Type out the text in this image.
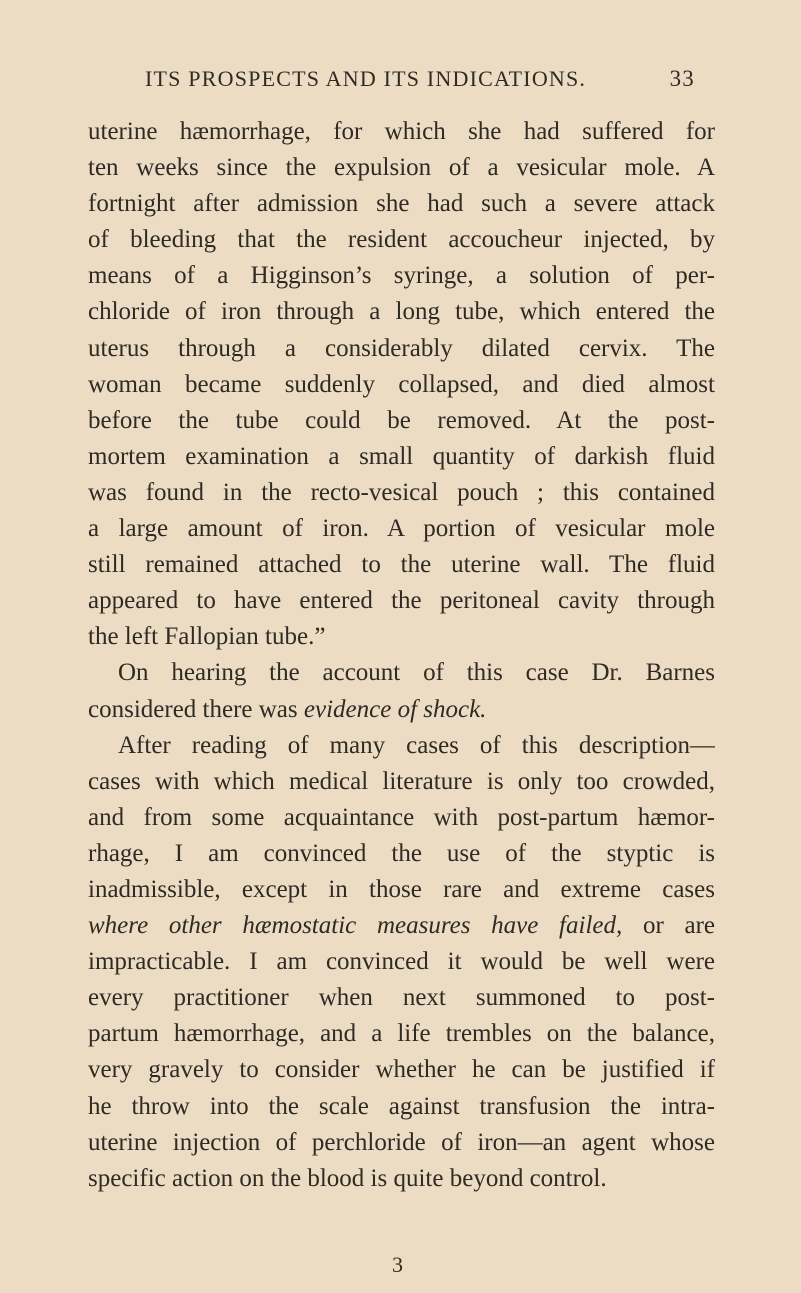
ITS PROSPECTS AND ITS INDICATIONS.	33
uterine hæmorrhage, for which she had suffered for
ten weeks since the expulsion of a vesicular mole. A
fortnight after admission she had such a severe attack
of bleeding that the resident accoucheur injected, by
means of a Higginson’s syringe, a solution of per-
chloride of iron through a long tube, which entered the
uterus through a considerably dilated cervix. The
woman became suddenly collapsed, and died almost
before the tube could be removed. At the post-
mortem examination a small quantity of darkish fluid
was found in the recto-vesical pouch ; this contained
a large amount of iron. A portion of vesicular mole
still remained attached to the uterine wall. The fluid
appeared to have entered the peritoneal cavity through
the left Fallopian tube.”
On hearing the account of this case Dr. Barnes
considered there was evidence of shock.
After reading of many cases of this description—
cases with which medical literature is only too crowded,
and from some acquaintance with post-partum hæmor-
rhage, I am convinced the use of the styptic is
inadmissible, except in those rare and extreme cases
where other hæmostatic measures have failed, or are
impracticable. I am convinced it would be well were
every practitioner when next summoned to post-
partum hæmorrhage, and a life trembles on the balance,
very gravely to consider whether he can be justified if
he throw into the scale against transfusion the intra-
uterine injection of perchloride of iron—an agent whose
specific action on the blood is quite beyond control.
3
